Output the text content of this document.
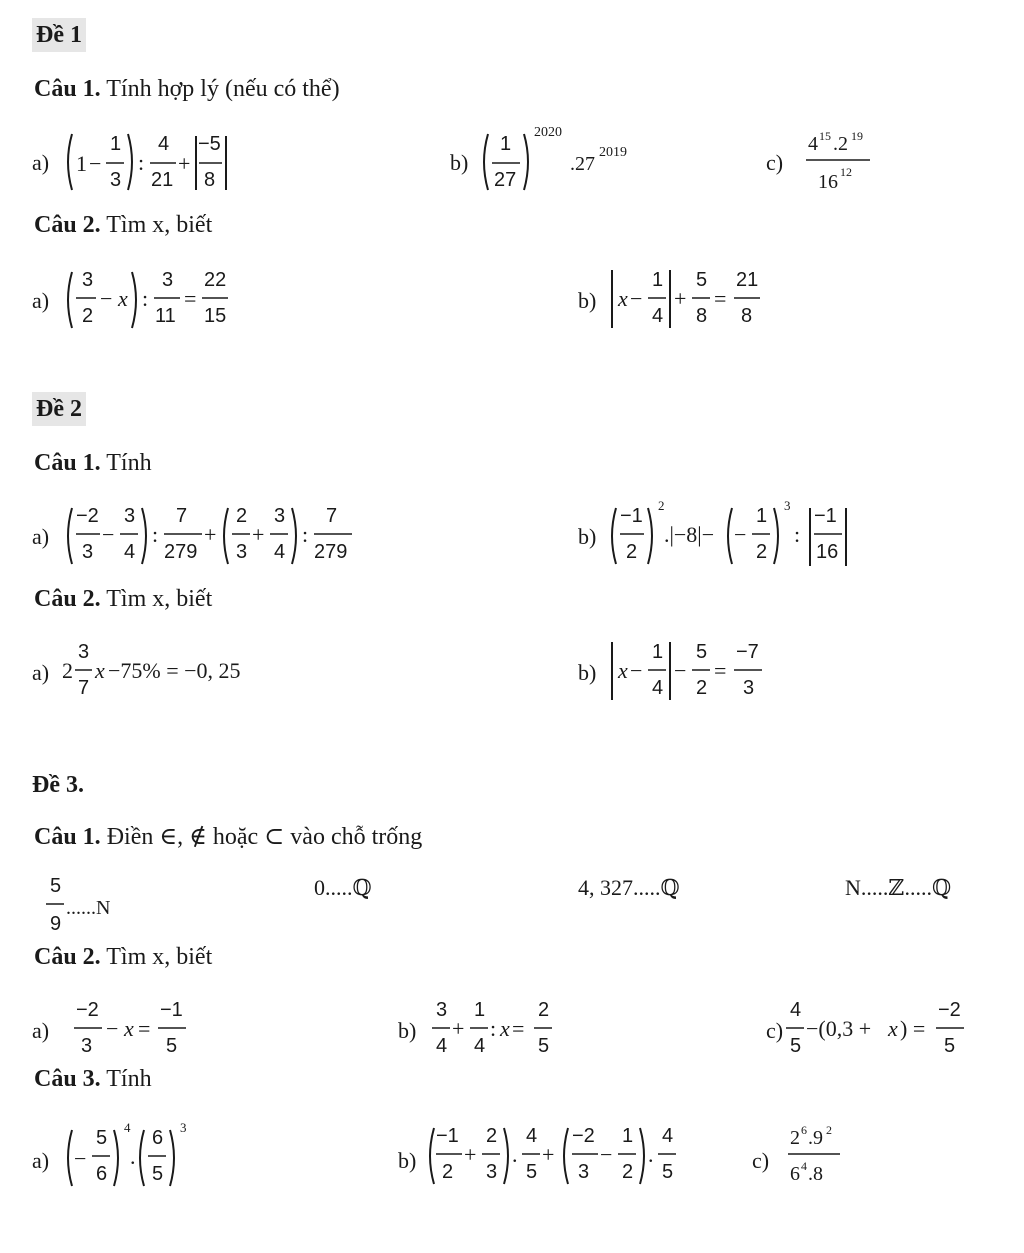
Đề 1
Câu 1. Tính hợp lý (nếu có thể)
a) 1 −
1
3
:
4
21
+
−5
8
b)
1
27
2020
.27
2019	c)
4 15 .2 19
16 12
Câu 2. Tìm x, biết
a)
3
2
− x :
3
11
=
22
15
b) x −
1
4
+
5
8
=
21
8
Đề 2
Câu 1. Tính
a)
−2
3
−
3
4
:
7
279
+
2
3
+
3
4
:
7
279
b)
−1
2
2
.|−8|− −
1
2
3
:
−1
16
Câu 2. Tìm x, biết
a) 2
3
7
x −75% = −0, 25	b) x −
1
4
−
5
2
=
−7
3
Đề 3.
Câu 1. Điền ∈, ∉ hoặc ⊂ vào chỗ trống
5
9
......N
0.....ℚ	4, 327.....ℚ	N.....ℤ.....ℚ
Câu 2. Tìm x, biết
a)
−2
3
− x =
−1
5
b)
3
4
+
1
4
: x =
2
5
c)
4
5
−(0,3 + x ) =
−2
5
Câu 3. Tính
a) −
5
6
4
.
6
5
3
b)
−1
2
+
2
3
.
4
5
+
−2
3
−
1
2
.
4
5	c)
2 6 .9 2
6 4 .8
